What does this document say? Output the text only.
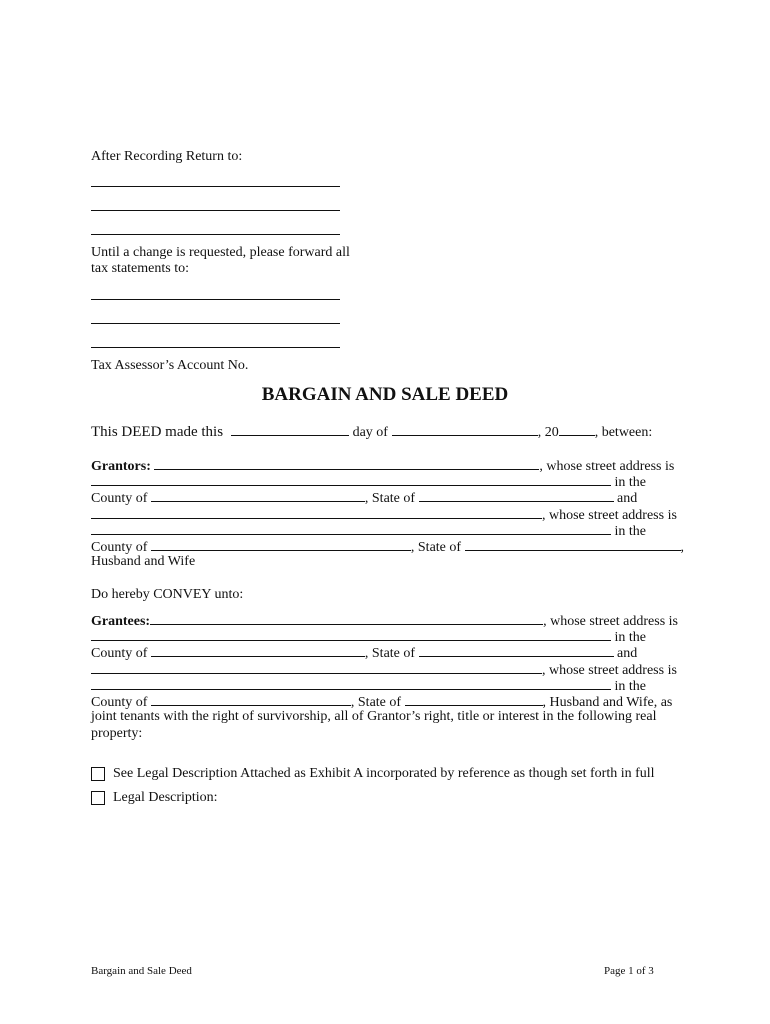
After Recording Return to:
Until a change is requested, please forward all
tax statements to:
Tax Assessor’s Account No.
BARGAIN AND SALE DEED
This DEED made this	day of	, 20	, between:
Grantors:	, whose street address is
in the
County of	, State of	and
, whose street address is
in the
County of	, State of	,
Husband and Wife
Do hereby CONVEY unto:
Grantees:	, whose street address is
in the
County of	, State of	and
, whose street address is
in the
County of	, State of	, Husband and Wife, as
joint tenants with the right of survivorship, all of Grantor’s right, title or interest in the following real
property:
See Legal Description Attached as Exhibit A incorporated by reference as though set forth in full
Legal Description:
Bargain and Sale Deed	Page 1 of 3
